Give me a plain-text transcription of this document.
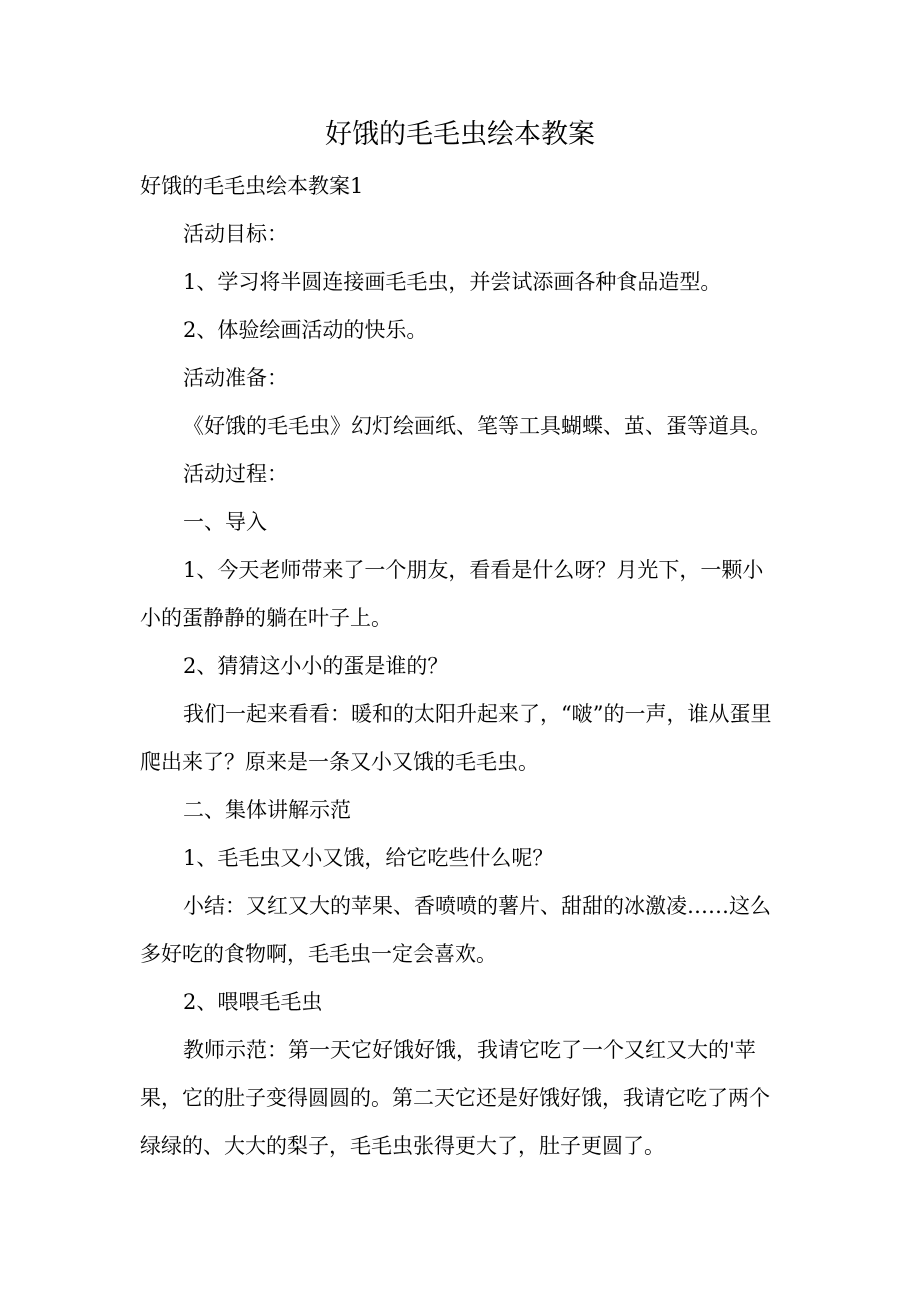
好饿的毛毛虫绘本教案
好饿的毛毛虫绘本教案1
活动目标：
1、学习将半圆连接画毛毛虫，并尝试添画各种食品造型。
2、体验绘画活动的快乐。
活动准备：
《好饿的毛毛虫》幻灯绘画纸、笔等工具蝴蝶、茧、蛋等道具。
活动过程：
一、导入
1、今天老师带来了一个朋友，看看是什么呀？月光下，一颗小
小的蛋静静的躺在叶子上。
2、猜猜这小小的蛋是谁的？
我们一起来看看：暖和的太阳升起来了，“啵”的一声，谁从蛋里
爬出来了？原来是一条又小又饿的毛毛虫。
二、集体讲解示范
1、毛毛虫又小又饿，给它吃些什么呢？
小结：又红又大的苹果、香喷喷的薯片、甜甜的冰激凌……这么
多好吃的食物啊，毛毛虫一定会喜欢。
2、喂喂毛毛虫
教师示范：第一天它好饿好饿，我请它吃了一个又红又大的'苹
果，它的肚子变得圆圆的。第二天它还是好饿好饿，我请它吃了两个
绿绿的、大大的梨子，毛毛虫张得更大了，肚子更圆了。
